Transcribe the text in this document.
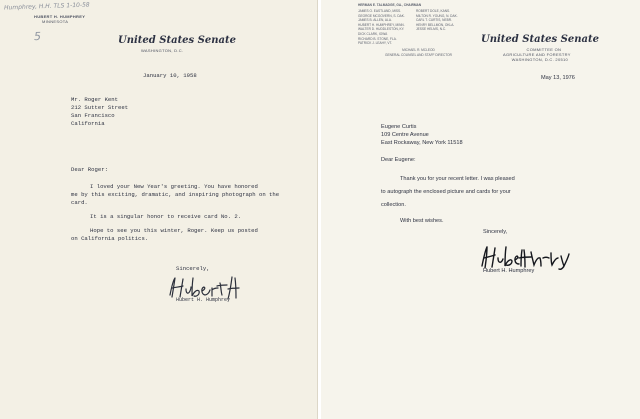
Humphrey, H.H. TLS 1-10-58
5
HUBERT H. HUMPHREY
MINNESOTA
United States Senate
WASHINGTON, D.C.
January 10, 1958
Mr. Roger Kent
212 Sutter Street
San Francisco
California
Dear Roger:
I loved your New Year's greeting. You have honored
me by this exciting, dramatic, and inspiring photograph on the
card.
It is a singular honor to receive card No. 2.
Hope to see you this winter, Roger. Keep us posted
on California politics.
Sincerely,
Hubert H. Humphrey
HERMAN E. TALMADGE, GA., CHAIRMAN
JAMES O. EASTLAND, MISS.
GEORGE MCGOVERN, S. DAK.
JAMES B. ALLEN, ALA.
HUBERT H. HUMPHREY, MINN.
WALTER D. HUDDLESTON, KY.
DICK CLARK, IOWA
RICHARD B. STONE, FLA.
PATRICK J. LEAHY, VT.
ROBERT DOLE, KANS.
MILTON R. YOUNG, N. DAK.
CARL T. CURTIS, NEBR.
HENRY BELLMON, OKLA.
JESSE HELMS, N.C.
MICHAEL R. MCLEOD
GENERAL COUNSEL AND STAFF DIRECTOR
United States Senate
COMMITTEE ON
AGRICULTURE AND FORESTRY
WASHINGTON, D.C. 20510
May 13, 1976
Eugene Curtis
109 Centre Avenue
East Rockaway, New York 11518
Dear Eugene:
Thank you for your recent letter. I was pleased
to autograph the enclosed picture and cards for your
collection.
With best wishes.
Sincerely,
Hubert H. Humphrey
